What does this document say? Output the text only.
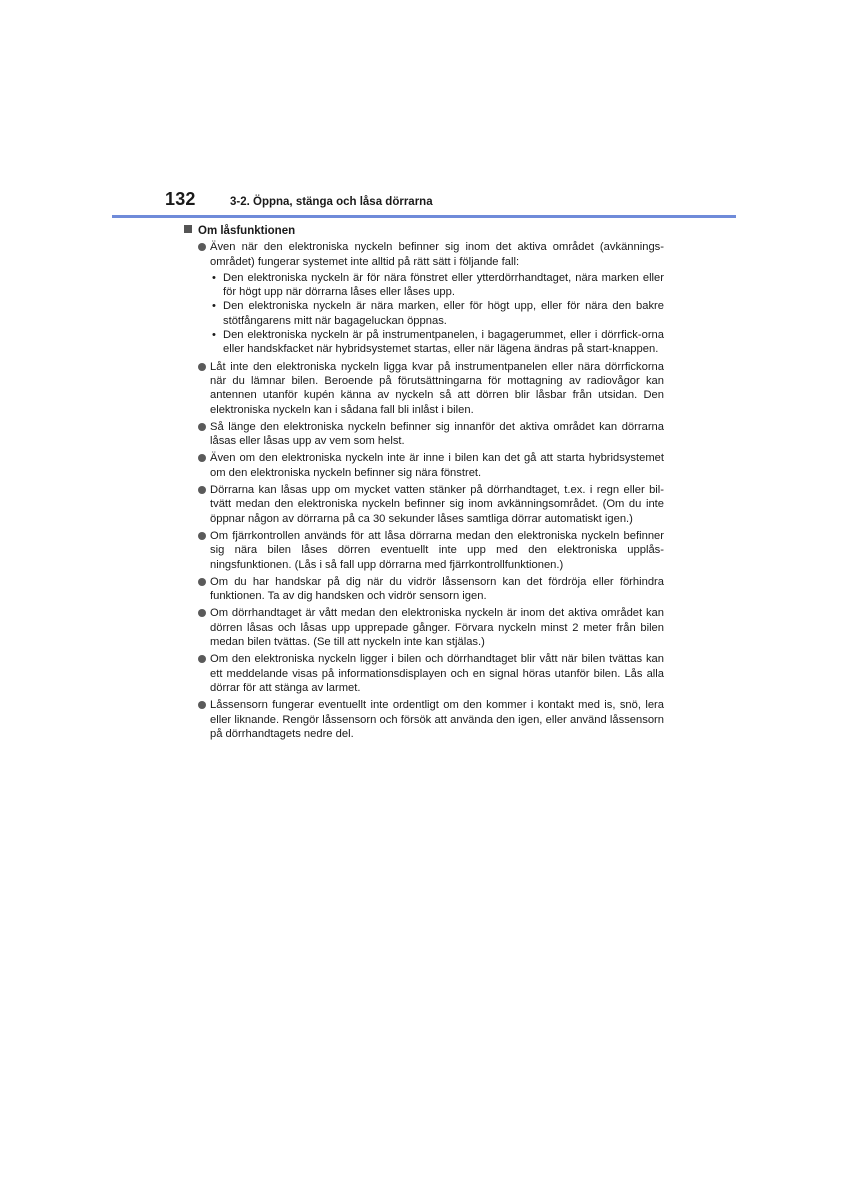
132	3-2. Öppna, stänga och låsa dörrarna
Om låsfunktionen
Även när den elektroniska nyckeln befinner sig inom det aktiva området (avkännings-området) fungerar systemet inte alltid på rätt sätt i följande fall:
• Den elektroniska nyckeln är för nära fönstret eller ytterdörrhandtaget, nära marken eller för högt upp när dörrarna låses eller låses upp.
• Den elektroniska nyckeln är nära marken, eller för högt upp, eller för nära den bakre stötfångarens mitt när bagageluckan öppnas.
• Den elektroniska nyckeln är på instrumentpanelen, i bagagerummet, eller i dörrfick-orna eller handskfacket när hybridsystemet startas, eller när lägena ändras på start-knappen.
Låt inte den elektroniska nyckeln ligga kvar på instrumentpanelen eller nära dörrfickorna när du lämnar bilen. Beroende på förutsättningarna för mottagning av radiovågor kan antennen utanför kupén känna av nyckeln så att dörren blir låsbar från utsidan. Den elektroniska nyckeln kan i sådana fall bli inlåst i bilen.
Så länge den elektroniska nyckeln befinner sig innanför det aktiva området kan dörrarna låsas eller låsas upp av vem som helst.
Även om den elektroniska nyckeln inte är inne i bilen kan det gå att starta hybridsystemet om den elektroniska nyckeln befinner sig nära fönstret.
Dörrarna kan låsas upp om mycket vatten stänker på dörrhandtaget, t.ex. i regn eller bil-tvätt medan den elektroniska nyckeln befinner sig inom avkänningsområdet. (Om du inte öppnar någon av dörrarna på ca 30 sekunder låses samtliga dörrar automatiskt igen.)
Om fjärrkontrollen används för att låsa dörrarna medan den elektroniska nyckeln befinner sig nära bilen låses dörren eventuellt inte upp med den elektroniska upplås-ningsfunktionen. (Lås i så fall upp dörrarna med fjärrkontrollfunktionen.)
Om du har handskar på dig när du vidrör låssensorn kan det fördröja eller förhindra funktionen. Ta av dig handsken och vidrör sensorn igen.
Om dörrhandtaget är vått medan den elektroniska nyckeln är inom det aktiva området kan dörren låsas och låsas upp upprepade gånger. Förvara nyckeln minst 2 meter från bilen medan bilen tvättas. (Se till att nyckeln inte kan stjälas.)
Om den elektroniska nyckeln ligger i bilen och dörrhandtaget blir vått när bilen tvättas kan ett meddelande visas på informationsdisplayen och en signal höras utanför bilen. Lås alla dörrar för att stänga av larmet.
Låssensorn fungerar eventuellt inte ordentligt om den kommer i kontakt med is, snö, lera eller liknande. Rengör låssensorn och försök att använda den igen, eller använd låssensorn på dörrhandtagets nedre del.
